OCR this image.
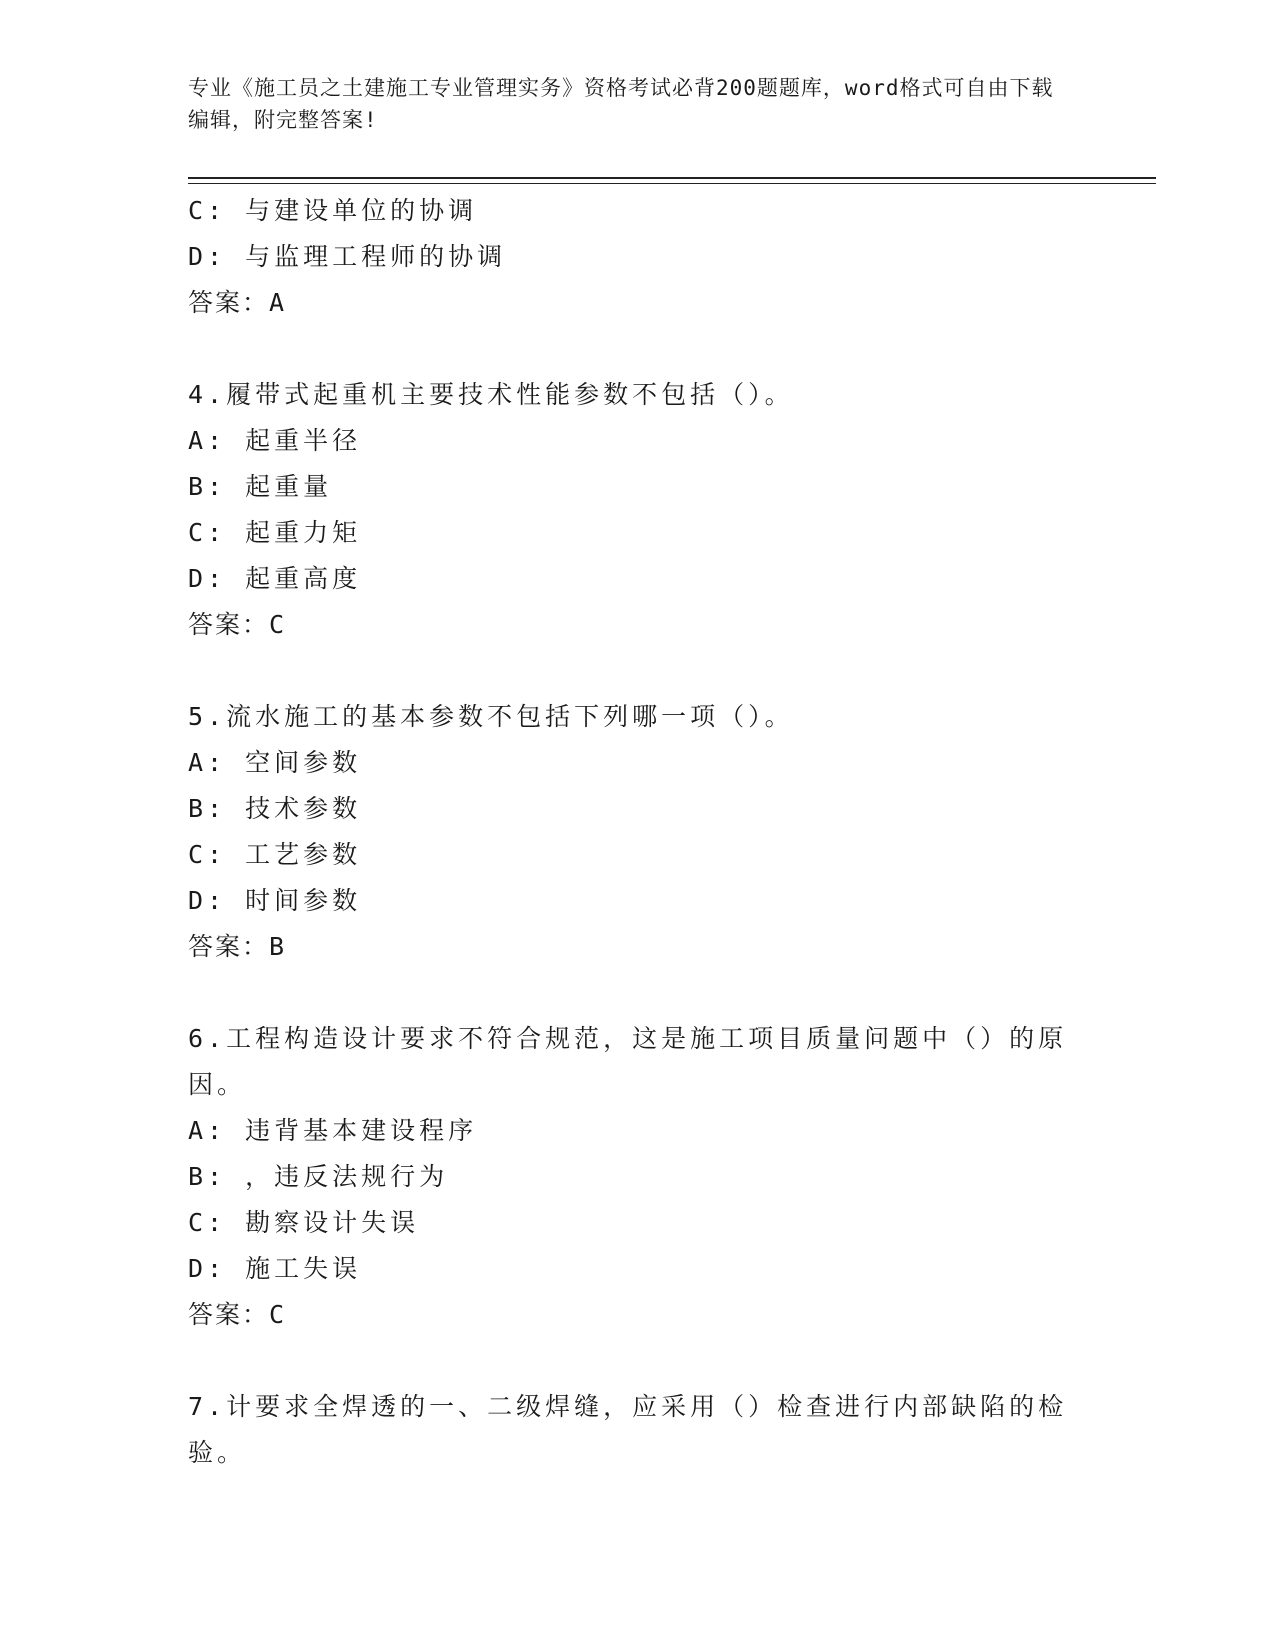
专业《施工员之土建施工专业管理实务》资格考试必背200题题库，word格式可自由下载编辑，附完整答案!
C: 与建设单位的协调
D: 与监理工程师的协调
答案：A
4.履带式起重机主要技术性能参数不包括（）。
A: 起重半径
B: 起重量
C: 起重力矩
D: 起重高度
答案：C
5.流水施工的基本参数不包括下列哪一项（）。
A: 空间参数
B: 技术参数
C: 工艺参数
D: 时间参数
答案：B
6.工程构造设计要求不符合规范，这是施工项目质量问题中（）的原因。
A: 违背基本建设程序
B: ，违反法规行为
C: 勘察设计失误
D: 施工失误
答案：C
7.计要求全焊透的一、二级焊缝，应采用（）检查进行内部缺陷的检验。
